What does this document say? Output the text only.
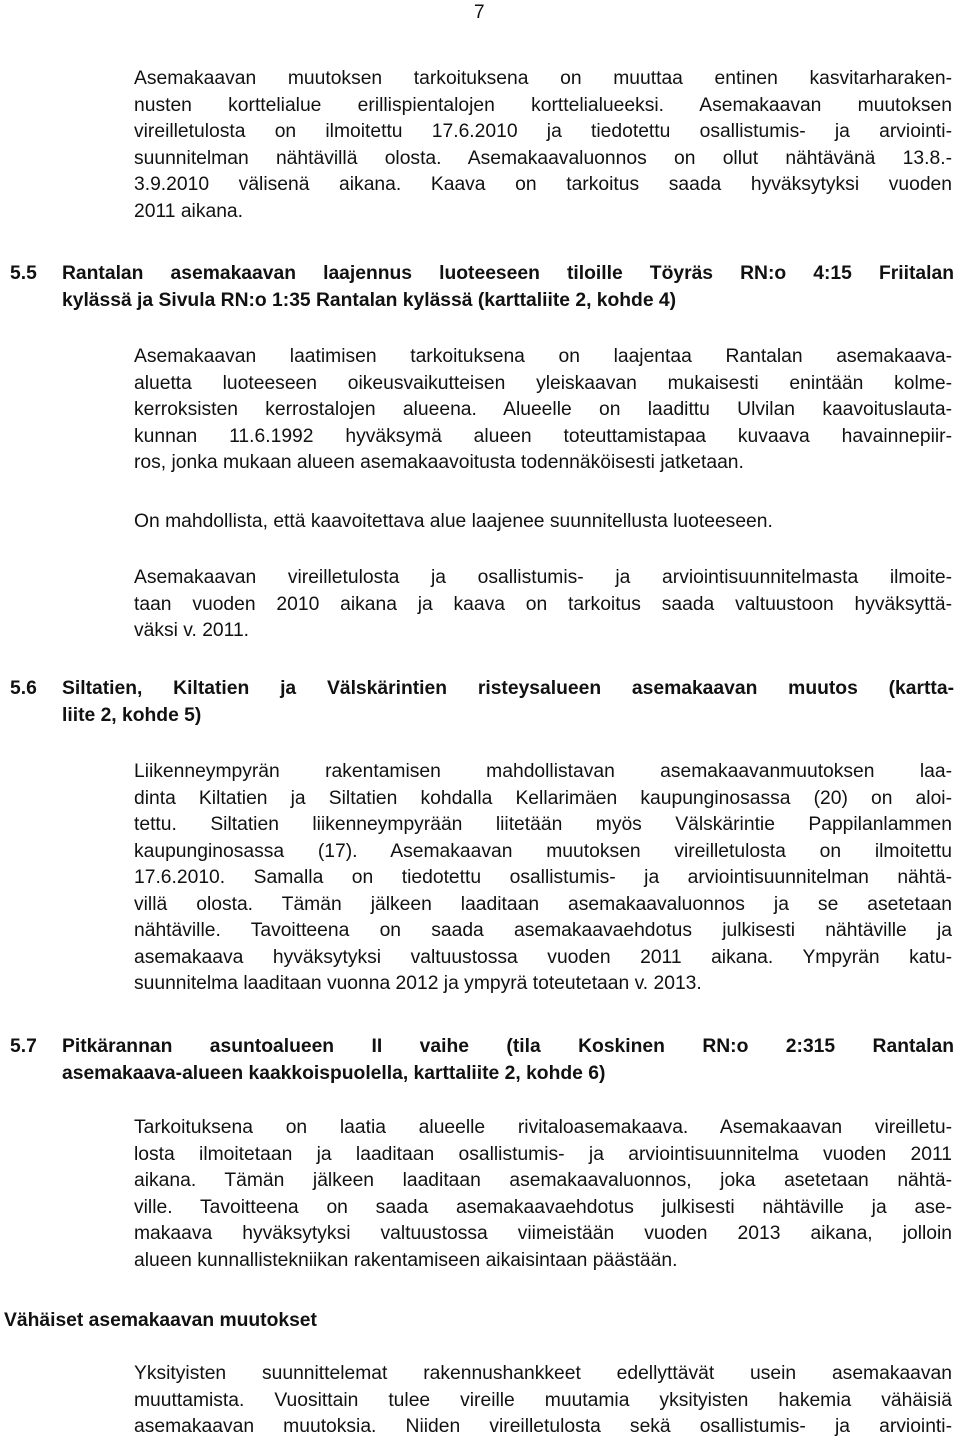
7
Asemakaavan muutoksen tarkoituksena on muuttaa entinen kasvitarharaken-
nusten korttelialue erillispientalojen korttelialueeksi. Asemakaavan muutoksen
vireilletulosta on ilmoitettu 17.6.2010 ja tiedotettu osallistumis- ja arviointi-
suunnitelman nähtävillä olosta. Asemakaavaluonnos on ollut nähtävänä 13.8.-
3.9.2010 välisenä aikana. Kaava on tarkoitus saada hyväksytyksi vuoden
2011 aikana.
5.5 Rantalan asemakaavan laajennus luoteeseen tiloille Töyräs RN:o 4:15 Friitalan
kylässä ja Sivula RN:o 1:35 Rantalan kylässä (karttaliite 2, kohde 4)
Asemakaavan laatimisen tarkoituksena on laajentaa Rantalan asemakaava-
aluetta luoteeseen oikeusvaikutteisen yleiskaavan mukaisesti enintään kolme-
kerroksisten kerrostalojen alueena. Alueelle on laadittu Ulvilan kaavoituslauta-
kunnan 11.6.1992 hyväksymä alueen toteuttamistapaa kuvaava havainnepiir-
ros, jonka mukaan alueen asemakaavoitusta todennäköisesti jatketaan.
On mahdollista, että kaavoitettava alue laajenee suunnitellusta luoteeseen.
Asemakaavan vireilletulosta ja osallistumis- ja arviointisuunnitelmasta ilmoite-
taan vuoden 2010 aikana ja kaava on tarkoitus saada valtuustoon hyväksyttä-
väksi v. 2011.
5.6 Siltatien, Kiltatien ja Välskärintien risteysalueen asemakaavan muutos (kartta-
liite 2, kohde 5)
Liikenneympyrän rakentamisen mahdollistavan asemakaavanmuutoksen laa-
dinta Kiltatien ja Siltatien kohdalla Kellarimäen kaupunginosassa (20) on aloi-
tettu. Siltatien liikenneympyrään liitetään myös Välskärintie Pappilanlammen
kaupunginosassa (17). Asemakaavan muutoksen vireilletulosta on ilmoitettu
17.6.2010. Samalla on tiedotettu osallistumis- ja arviointisuunnitelman nähtä-
villä olosta. Tämän jälkeen laaditaan asemakaavaluonnos ja se asetetaan
nähtäville. Tavoitteena on saada asemakaavaehdotus julkisesti nähtäville ja
asemakaava hyväksytyksi valtuustossa vuoden 2011 aikana. Ympyrän katu-
suunnitelma laaditaan vuonna 2012 ja ympyrä toteutetaan v. 2013.
5.7 Pitkärannan asuntoalueen II vaihe (tila Koskinen RN:o 2:315 Rantalan
asemakaava-alueen kaakkoispuolella, karttaliite 2, kohde 6)
Tarkoituksena on laatia alueelle rivitaloasemakaava. Asemakaavan vireilletu-
losta ilmoitetaan ja laaditaan osallistumis- ja arviointisuunnitelma vuoden 2011
aikana. Tämän jälkeen laaditaan asemakaavaluonnos, joka asetetaan nähtä-
ville. Tavoitteena on saada asemakaavaehdotus julkisesti nähtäville ja ase-
makaava hyväksytyksi valtuustossa viimeistään vuoden 2013 aikana, jolloin
alueen kunnallistekniikan rakentamiseen aikaisintaan päästään.
Vähäiset asemakaavan muutokset
Yksityisten suunnittelemat rakennushankkeet edellyttävät usein asemakaavan
muuttamista. Vuosittain tulee vireille muutamia yksityisten hakemia vähäisiä
asemakaavan muutoksia. Niiden vireilletulosta sekä osallistumis- ja arviointi-
